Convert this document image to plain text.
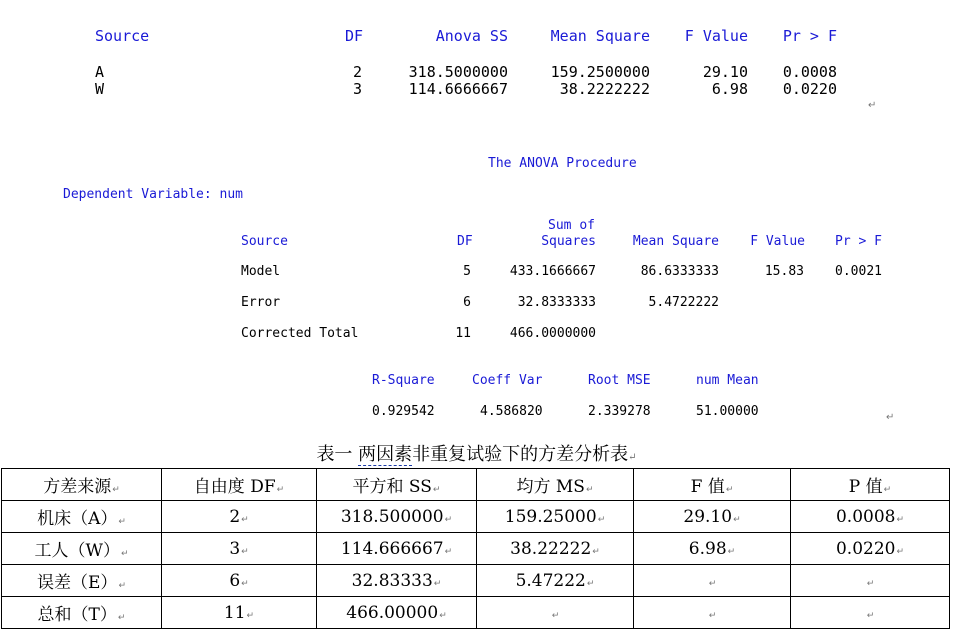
Source	DF	Anova SS	Mean Square	F Value	Pr > F
A	2	318.5000000	159.2500000	29.10	0.0008
W	3	114.6666667	38.2222222	6.98	0.0220
↵
The ANOVA Procedure
Dependent Variable: num
Sum of
Source	DF	Squares	Mean Square	F Value	Pr > F
Model	5	433.1666667	86.6333333	15.83	0.0021
Error	6	32.8333333	5.4722222
Corrected Total	11	466.0000000
R-Square	Coeff Var	Root MSE	num Mean
0.929542	4.586820	2.339278	51.00000	↵
表一 两因素非重复试验下的方差分析表↵
方差来源↵	自由度 DF↵	平方和 SS↵	均方 MS↵	F 值↵	P 值↵
机床（A）↵	2↵	318.500000↵	159.25000↵	29.10↵	0.0008↵
工人（W）↵	3↵	114.666667↵	38.22222↵	6.98↵	0.0220↵
误差（E）↵	6↵	32.83333↵	5.47222↵	↵	↵
总和（T）↵	11↵	466.00000↵	↵	↵	↵
